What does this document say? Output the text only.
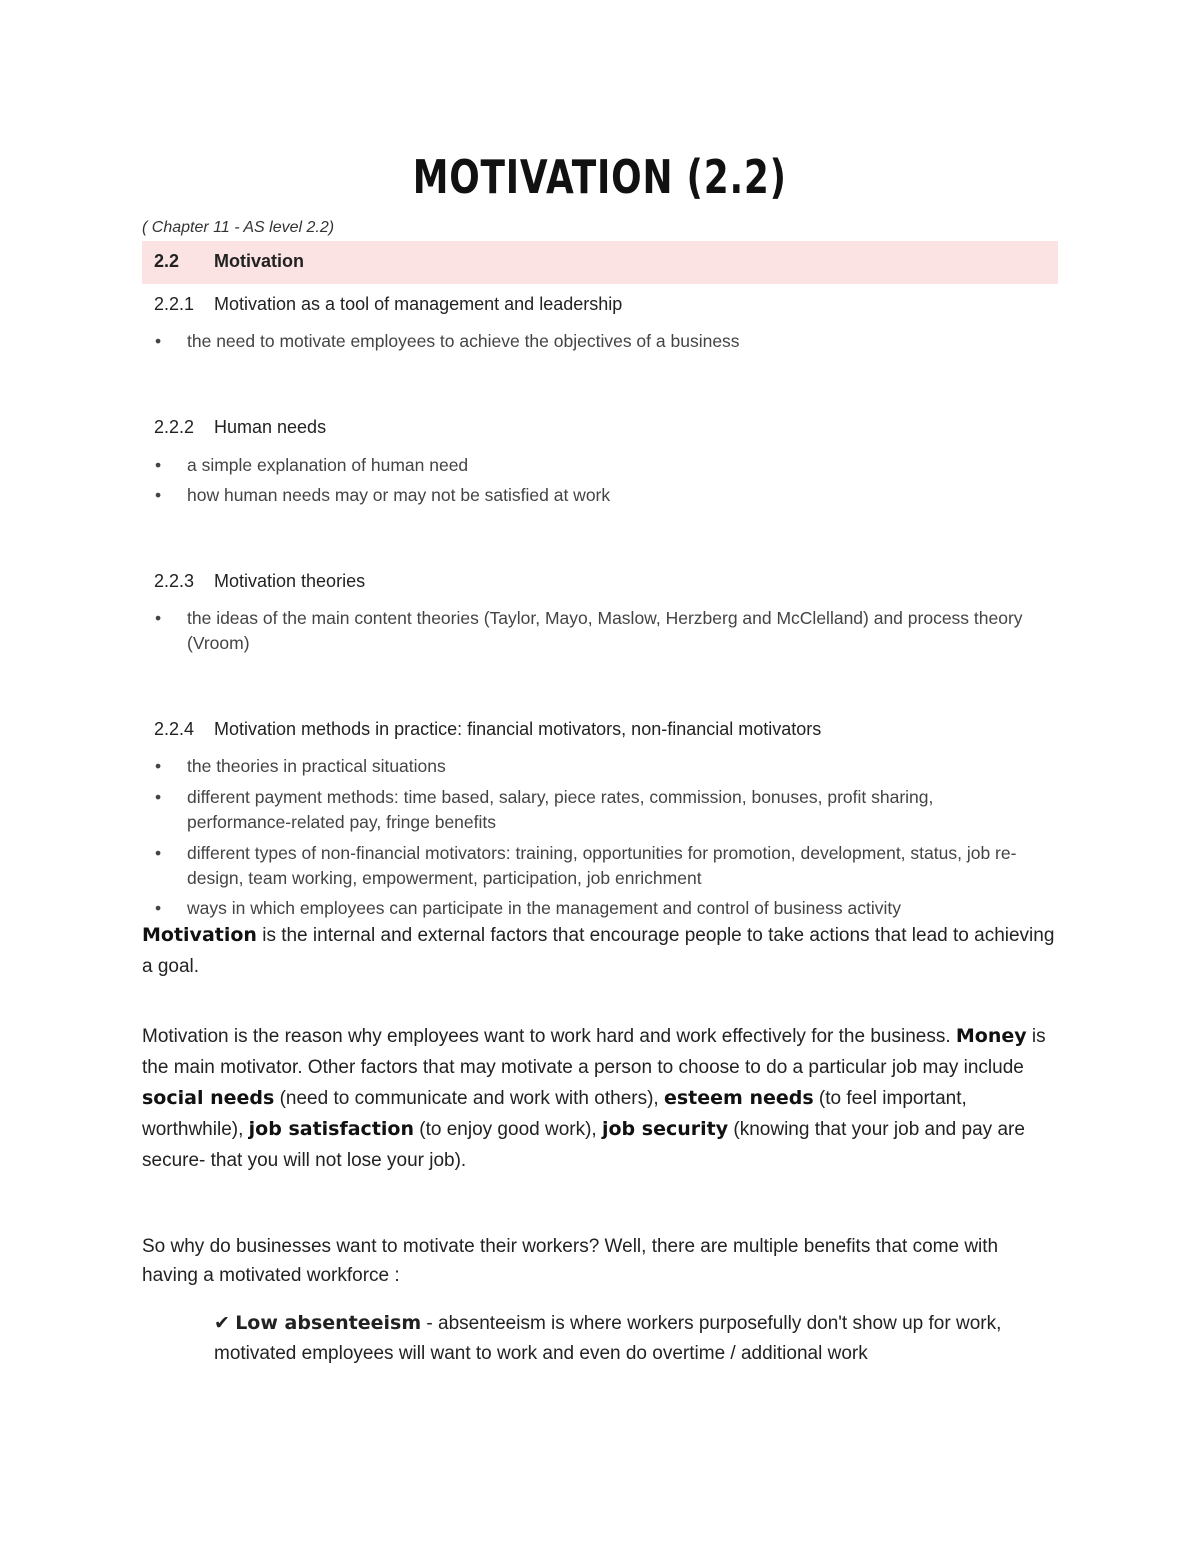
MOTIVATION (2.2)
( Chapter 11 - AS level 2.2)
2.2 Motivation
2.2.1 Motivation as a tool of management and leadership
• the need to motivate employees to achieve the objectives of a business
2.2.2 Human needs
• a simple explanation of human need
• how human needs may or may not be satisfied at work
2.2.3 Motivation theories
• the ideas of the main content theories (Taylor, Mayo, Maslow, Herzberg and McClelland) and process theory (Vroom)
2.2.4 Motivation methods in practice: financial motivators, non-financial motivators
• the theories in practical situations
• different payment methods: time based, salary, piece rates, commission, bonuses, profit sharing, performance-related pay, fringe benefits
• different types of non-financial motivators: training, opportunities for promotion, development, status, job re-design, team working, empowerment, participation, job enrichment
• ways in which employees can participate in the management and control of business activity

Motivation is the internal and external factors that encourage people to take actions that lead to achieving a goal.

Motivation is the reason why employees want to work hard and work effectively for the business. Money is the main motivator. Other factors that may motivate a person to choose to do a particular job may include social needs (need to communicate and work with others), esteem needs (to feel important, worthwhile), job satisfaction (to enjoy good work), job security (knowing that your job and pay are secure- that you will not lose your job).

So why do businesses want to motivate their workers? Well, there are multiple benefits that come with having a motivated workforce :

✔ Low absenteeism - absenteeism is where workers purposefully don't show up for work, motivated employees will want to work and even do overtime / additional work
